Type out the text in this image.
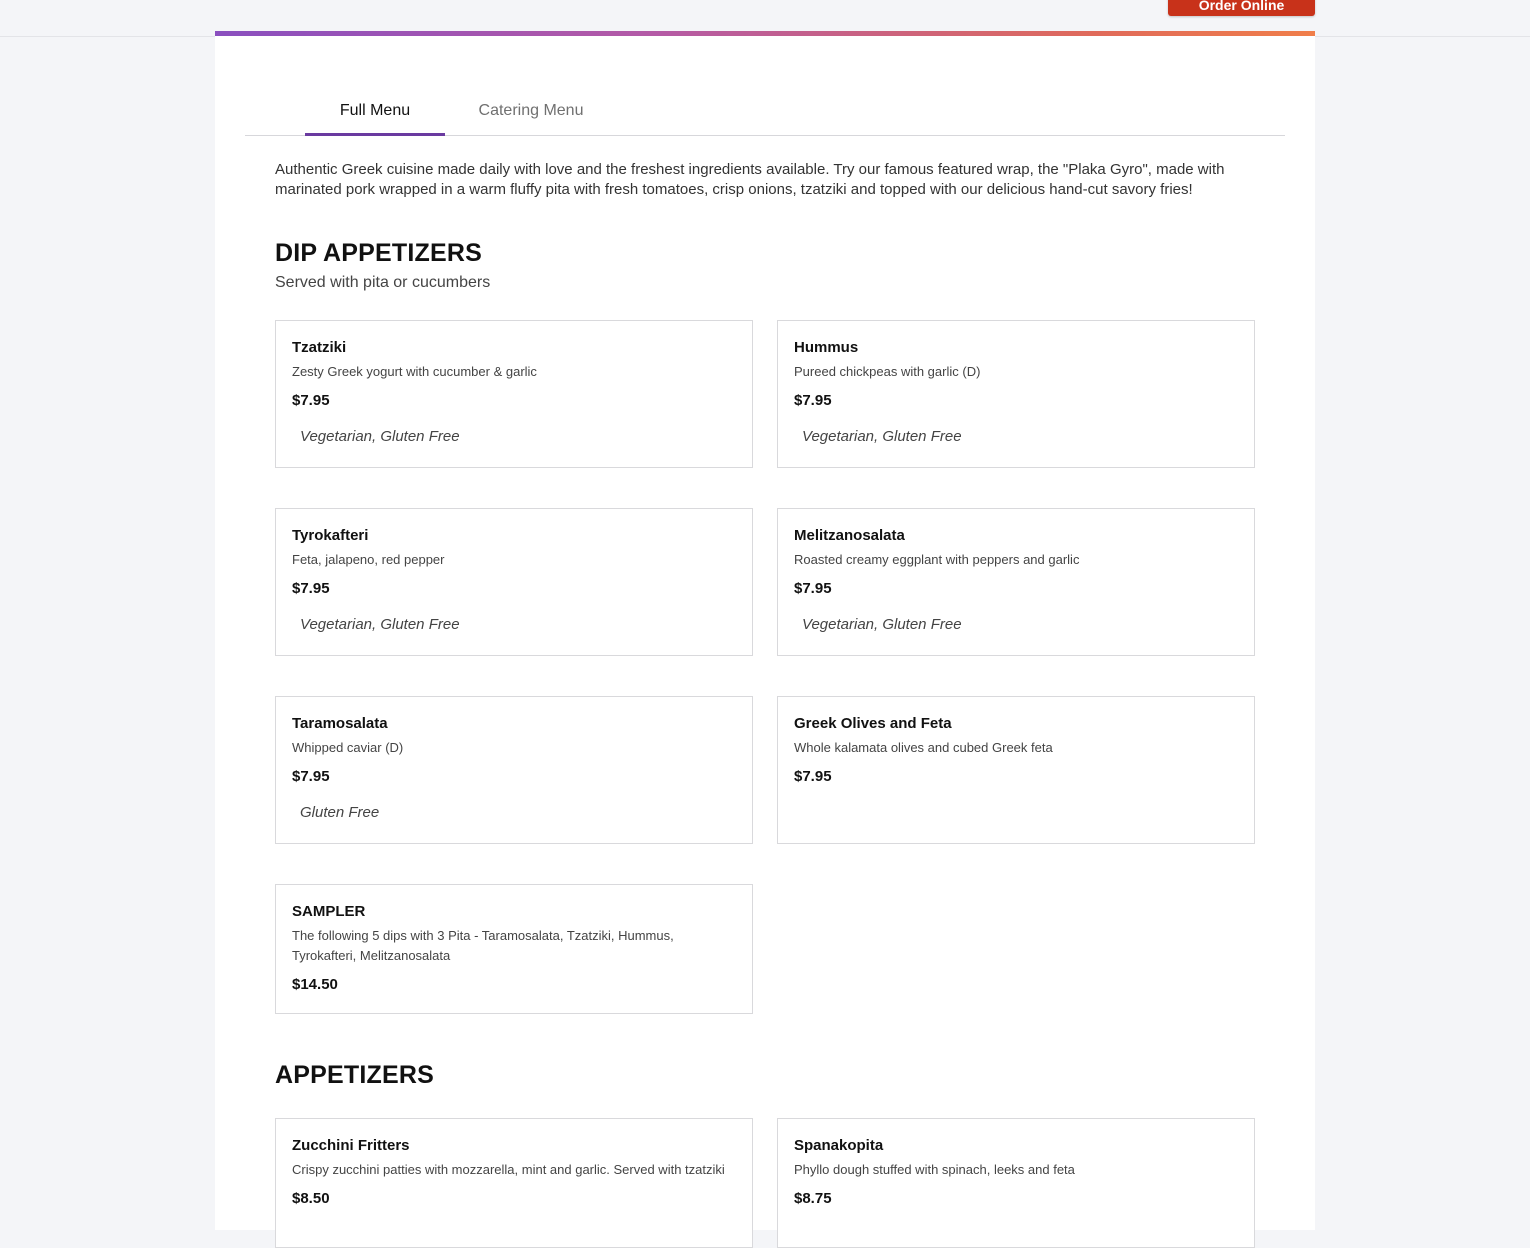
Order Online
Full Menu	Catering Menu

Authentic Greek cuisine made daily with love and the freshest ingredients available. Try our famous featured wrap, the "Plaka Gyro", made with marinated pork wrapped in a warm fluffy pita with fresh tomatoes, crisp onions, tzatziki and topped with our delicious hand-cut savory fries!

DIP APPETIZERS

Served with pita or cucumbers

Tzatziki
Zesty Greek yogurt with cucumber & garlic
$7.95
Vegetarian, Gluten Free
Hummus
Pureed chickpeas with garlic (D)
$7.95
Vegetarian, Gluten Free
Tyrokafteri
Feta, jalapeno, red pepper
$7.95
Vegetarian, Gluten Free
Melitzanosalata
Roasted creamy eggplant with peppers and garlic
$7.95
Vegetarian, Gluten Free
Taramosalata
Whipped caviar (D)
$7.95
Gluten Free
Greek Olives and Feta
Whole kalamata olives and cubed Greek feta
$7.95
SAMPLER
The following 5 dips with 3 Pita - Taramosalata, Tzatziki, Hummus, Tyrokafteri, Melitzanosalata
$14.50
APPETIZERS
Zucchini Fritters
Crispy zucchini patties with mozzarella, mint and garlic. Served with tzatziki
$8.50
Spanakopita
Phyllo dough stuffed with spinach, leeks and feta
$8.75
